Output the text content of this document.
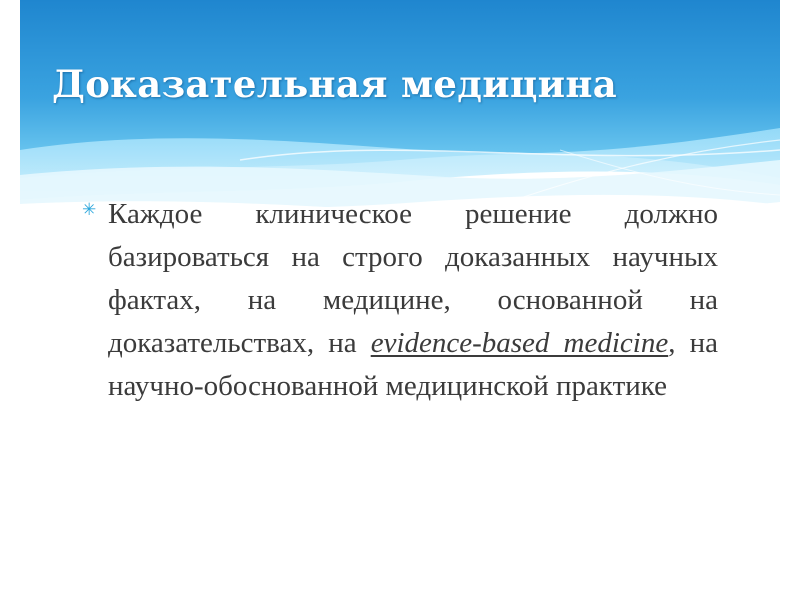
Доказательная медицина
✳ Каждое клиническое решение должно базироваться на строго доказанных научных фактах, на медицине, основанной на доказательствах, на evidence-based medicine, на научно-обоснованной медицинской практике
